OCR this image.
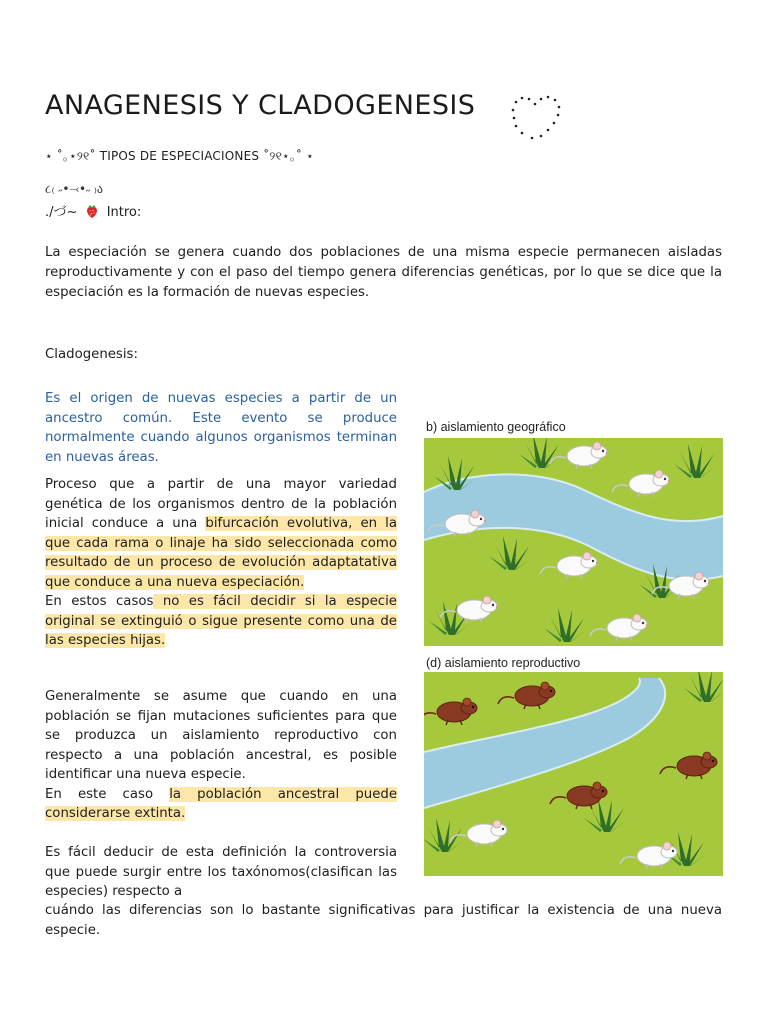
ANAGENESIS Y CLADOGENESIS
⋆ ˚｡⋆୨୧˚ TIPOS DE ESPECIACIONES ˚୨୧⋆｡˚ ⋆
૮₍ ˶•⤙•˶ ₎ა
./づ~ Intro:
La especiación se genera cuando dos poblaciones de una misma especie permanecen aisladas reproductivamente y con el paso del tiempo genera diferencias genéticas, por lo que se dice que la especiación es la formación de nuevas especies.
Cladogenesis:
Es el origen de nuevas especies a partir de un ancestro común. Este evento se produce normalmente cuando algunos organismos terminan en nuevas áreas.

Proceso que a partir de una mayor variedad genética de los organismos dentro de la población inicial conduce a una bifurcación evolutiva, en la que cada rama o linaje ha sido seleccionada como resultado de un proceso de evolución adaptatativa que conduce a una nueva especiación.

En estos casos no es fácil decidir si la especie original se extinguió o sigue presente como una de las especies hijas.

Generalmente se asume que cuando en una población se fijan mutaciones suficientes para que se produzca un aislamiento reproductivo con respecto a una población ancestral, es posible identificar una nueva especie.

En este caso la población ancestral puede considerarse extinta.

Es fácil deducir de esta definición la controversia que puede surgir entre los taxónomos(clasifican las especies) respecto a
cuándo las diferencias son lo bastante significativas para justificar la existencia de una nueva especie.
b) aislamiento geográfico
(d) aislamiento reproductivo
